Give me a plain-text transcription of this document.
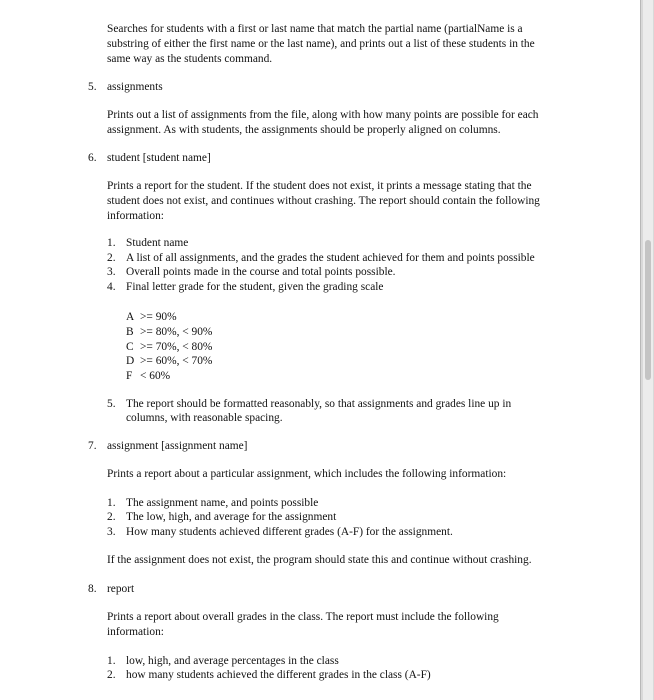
Searches for students with a first or last name that match the partial name (partialName is a
substring of either the first name or the last name), and prints out a list of these students in the
same way as the students command.
5. assignments
Prints out a list of assignments from the file, along with how many points are possible for each
assignment. As with students, the assignments should be properly aligned on columns.
6. student [student name]
Prints a report for the student. If the student does not exist, it prints a message stating that the
student does not exist, and continues without crashing. The report should contain the following
information:
1. Student name
2. A list of all assignments, and the grades the student achieved for them and points possible
3. Overall points made in the course and total points possible.
4. Final letter grade for the student, given the grading scale
A >= 90%
B >= 80%, < 90%
C >= 70%, < 80%
D >= 60%, < 70%
F < 60%
5. The report should be formatted reasonably, so that assignments and grades line up in
columns, with reasonable spacing.
7. assignment [assignment name]
Prints a report about a particular assignment, which includes the following information:
1. The assignment name, and points possible
2. The low, high, and average for the assignment
3. How many students achieved different grades (A-F) for the assignment.
If the assignment does not exist, the program should state this and continue without crashing.
8. report
Prints a report about overall grades in the class. The report must include the following
information:
1. low, high, and average percentages in the class
2. how many students achieved the different grades in the class (A-F)
